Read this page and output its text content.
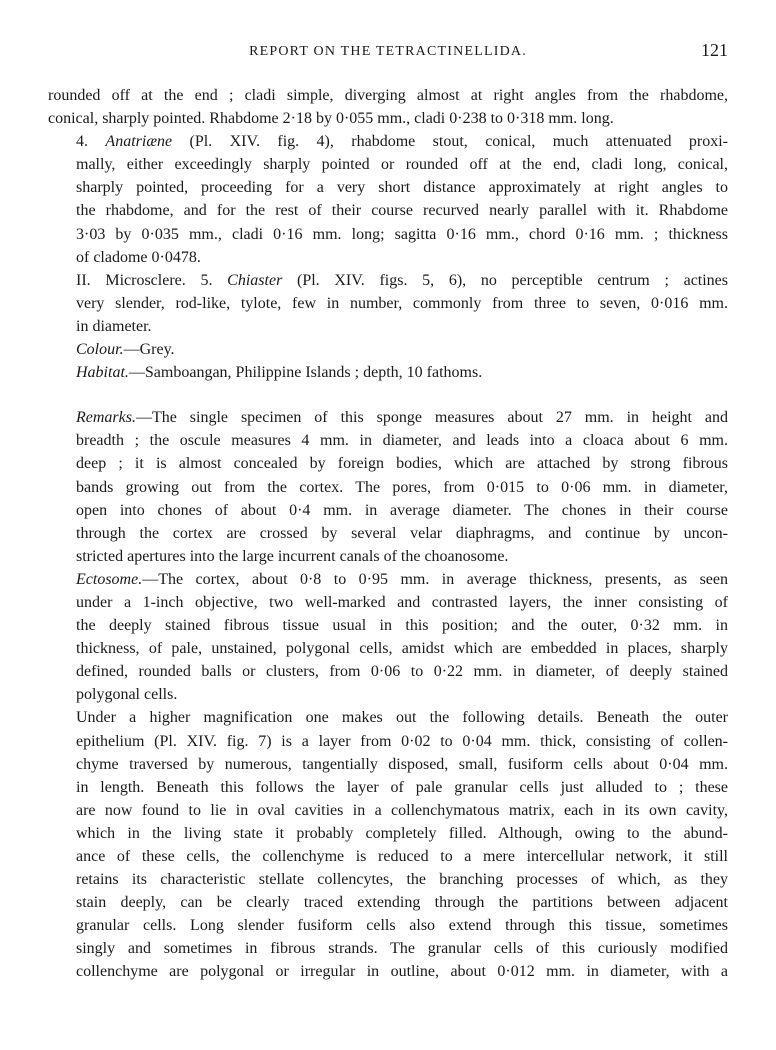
REPORT ON THE TETRACTINELLIDA.	121

rounded off at the end ; cladi simple, diverging almost at right angles from the rhabdome,
conical, sharply pointed. Rhabdome 2·18 by 0·055 mm., cladi 0·238 to 0·318 mm. long.

4. Anatriæne (Pl. XIV. fig. 4), rhabdome stout, conical, much attenuated proxi-
mally, either exceedingly sharply pointed or rounded off at the end, cladi long, conical,
sharply pointed, proceeding for a very short distance approximately at right angles to
the rhabdome, and for the rest of their course recurved nearly parallel with it. Rhabdome
3·03 by 0·035 mm., cladi 0·16 mm. long; sagitta 0·16 mm., chord 0·16 mm. ; thickness
of cladome 0·0478.

II. Microsclere. 5. Chiaster (Pl. XIV. figs. 5, 6), no perceptible centrum ; actines
very slender, rod-like, tylote, few in number, commonly from three to seven, 0·016 mm.
in diameter.

Colour.—Grey.

Habitat.—Samboangan, Philippine Islands ; depth, 10 fathoms.

Remarks.—The single specimen of this sponge measures about 27 mm. in height and
breadth ; the oscule measures 4 mm. in diameter, and leads into a cloaca about 6 mm.
deep ; it is almost concealed by foreign bodies, which are attached by strong fibrous
bands growing out from the cortex. The pores, from 0·015 to 0·06 mm. in diameter,
open into chones of about 0·4 mm. in average diameter. The chones in their course
through the cortex are crossed by several velar diaphragms, and continue by uncon-
stricted apertures into the large incurrent canals of the choanosome.

Ectosome.—The cortex, about 0·8 to 0·95 mm. in average thickness, presents, as seen
under a 1-inch objective, two well-marked and contrasted layers, the inner consisting of
the deeply stained fibrous tissue usual in this position; and the outer, 0·32 mm. in
thickness, of pale, unstained, polygonal cells, amidst which are embedded in places, sharply
defined, rounded balls or clusters, from 0·06 to 0·22 mm. in diameter, of deeply stained
polygonal cells.

Under a higher magnification one makes out the following details. Beneath the outer
epithelium (Pl. XIV. fig. 7) is a layer from 0·02 to 0·04 mm. thick, consisting of collen-
chyme traversed by numerous, tangentially disposed, small, fusiform cells about 0·04 mm.
in length. Beneath this follows the layer of pale granular cells just alluded to ; these
are now found to lie in oval cavities in a collenchymatous matrix, each in its own cavity,
which in the living state it probably completely filled. Although, owing to the abund-
ance of these cells, the collenchyme is reduced to a mere intercellular network, it still
retains its characteristic stellate collencytes, the branching processes of which, as they
stain deeply, can be clearly traced extending through the partitions between adjacent
granular cells. Long slender fusiform cells also extend through this tissue, sometimes
singly and sometimes in fibrous strands. The granular cells of this curiously modified
collenchyme are polygonal or irregular in outline, about 0·012 mm. in diameter, with a
